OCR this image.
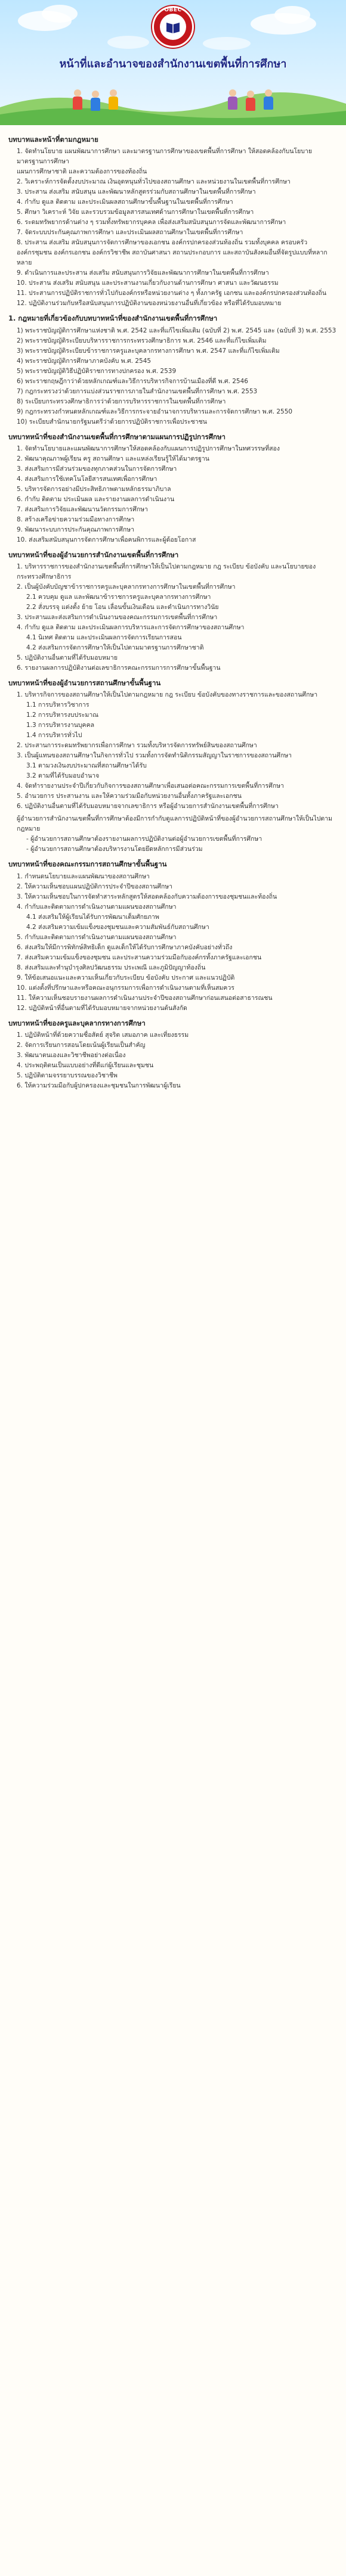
OBEC
หน้าที่และอำนาจของสำนักงานเขตพื้นที่การศึกษา
บทบาทและหน้าที่ตามกฎหมาย
1. จัดทำนโยบาย แผนพัฒนาการศึกษา และมาตรฐานการศึกษาของเขตพื้นที่การศึกษา ให้สอดคล้องกับนโยบาย มาตรฐานการศึกษา
แผนการศึกษาชาติ และความต้องการของท้องถิ่น
2. วิเคราะห์การจัดตั้งงบประมาณ เงินอุดหนุนทั่วไปของสถานศึกษา และหน่วยงานในเขตพื้นที่การศึกษา
3. ประสาน ส่งเสริม สนับสนุน และพัฒนาหลักสูตรร่วมกับสถานศึกษาในเขตพื้นที่การศึกษา
4. กำกับ ดูแล ติดตาม และประเมินผลสถานศึกษาขั้นพื้นฐานในเขตพื้นที่การศึกษา
5. ศึกษา วิเคราะห์ วิจัย และรวบรวมข้อมูลสารสนเทศด้านการศึกษาในเขตพื้นที่การศึกษา
6. ระดมทรัพยากรด้านต่าง ๆ รวมทั้งทรัพยากรบุคคล เพื่อส่งเสริมสนับสนุนการจัดและพัฒนาการศึกษา
7. จัดระบบประกันคุณภาพการศึกษา และประเมินผลสถานศึกษาในเขตพื้นที่การศึกษา
8. ประสาน ส่งเสริม สนับสนุนการจัดการศึกษาของเอกชน องค์กรปกครองส่วนท้องถิ่น รวมทั้งบุคคล ครอบครัว
องค์กรชุมชน องค์กรเอกชน องค์กรวิชาชีพ สถาบันศาสนา สถานประกอบการ และสถาบันสังคมอื่นที่จัดรูปแบบที่หลากหลาย
9. ดำเนินการและประสาน ส่งเสริม สนับสนุนการวิจัยและพัฒนาการศึกษาในเขตพื้นที่การศึกษา
10. ประสาน ส่งเสริม สนับสนุน และประสานงานเกี่ยวกับงานด้านการศึกษา ศาสนา และวัฒนธรรม
11. ประสานการปฏิบัติราชการทั่วไปกับองค์กรหรือหน่วยงานต่าง ๆ ทั้งภาครัฐ เอกชน และองค์กรปกครองส่วนท้องถิ่น
12. ปฏิบัติงานร่วมกับหรือสนับสนุนการปฏิบัติงานของหน่วยงานอื่นที่เกี่ยวข้อง หรือที่ได้รับมอบหมาย
1. กฎหมายที่เกี่ยวข้องกับบทบาทหน้าที่ของสำนักงานเขตพื้นที่การศึกษา
1) พระราชบัญญัติการศึกษาแห่งชาติ พ.ศ. 2542 และที่แก้ไขเพิ่มเติม (ฉบับที่ 2) พ.ศ. 2545 และ (ฉบับที่ 3) พ.ศ. 2553
2) พระราชบัญญัติระเบียบบริหารราชการกระทรวงศึกษาธิการ พ.ศ. 2546 และที่แก้ไขเพิ่มเติม
3) พระราชบัญญัติระเบียบข้าราชการครูและบุคลากรทางการศึกษา พ.ศ. 2547 และที่แก้ไขเพิ่มเติม
4) พระราชบัญญัติการศึกษาภาคบังคับ พ.ศ. 2545
5) พระราชบัญญัติวิธีปฏิบัติราชการทางปกครอง พ.ศ. 2539
6) พระราชกฤษฎีกาว่าด้วยหลักเกณฑ์และวิธีการบริหารกิจการบ้านเมืองที่ดี พ.ศ. 2546
7) กฎกระทรวงว่าด้วยการแบ่งส่วนราชการภายในสำนักงานเขตพื้นที่การศึกษา พ.ศ. 2553
8) ระเบียบกระทรวงศึกษาธิการว่าด้วยการบริหารราชการในเขตพื้นที่การศึกษา
9) กฎกระทรวงกำหนดหลักเกณฑ์และวิธีการกระจายอำนาจการบริหารและการจัดการศึกษา พ.ศ. 2550
10) ระเบียบสำนักนายกรัฐมนตรีว่าด้วยการปฏิบัติราชการเพื่อประชาชน
บทบาทหน้าที่ของสำนักงานเขตพื้นที่การศึกษาตามแผนการปฏิรูปการศึกษา
1. จัดทำนโยบายและแผนพัฒนาการศึกษาให้สอดคล้องกับแผนการปฏิรูปการศึกษาในทศวรรษที่สอง
2. พัฒนาคุณภาพผู้เรียน ครู สถานศึกษา และแหล่งเรียนรู้ให้ได้มาตรฐาน
3. ส่งเสริมการมีส่วนร่วมของทุกภาคส่วนในการจัดการศึกษา
4. ส่งเสริมการใช้เทคโนโลยีสารสนเทศเพื่อการศึกษา
5. บริหารจัดการอย่างมีประสิทธิภาพตามหลักธรรมาภิบาล
6. กำกับ ติดตาม ประเมินผล และรายงานผลการดำเนินงาน
7. ส่งเสริมการวิจัยและพัฒนานวัตกรรมการศึกษา
8. สร้างเครือข่ายความร่วมมือทางการศึกษา
9. พัฒนาระบบการประกันคุณภาพการศึกษา
10. ส่งเสริมสนับสนุนการจัดการศึกษาเพื่อคนพิการและผู้ด้อยโอกาส
บทบาทหน้าที่ของผู้อำนวยการสำนักงานเขตพื้นที่การศึกษา
1. บริหารราชการของสำนักงานเขตพื้นที่การศึกษาให้เป็นไปตามกฎหมาย กฎ ระเบียบ ข้อบังคับ และนโยบายของกระทรวงศึกษาธิการ
2. เป็นผู้บังคับบัญชาข้าราชการครูและบุคลากรทางการศึกษาในเขตพื้นที่การศึกษา
2.1 ควบคุม ดูแล และพัฒนาข้าราชการครูและบุคลากรทางการศึกษา
2.2 สั่งบรรจุ แต่งตั้ง ย้าย โอน เลื่อนขั้นเงินเดือน และดำเนินการทางวินัย
3. ประสานและส่งเสริมการดำเนินงานของคณะกรรมการเขตพื้นที่การศึกษา
4. กำกับ ดูแล ติดตาม และประเมินผลการบริหารและการจัดการศึกษาของสถานศึกษา
4.1 นิเทศ ติดตาม และประเมินผลการจัดการเรียนการสอน
4.2 ส่งเสริมการจัดการศึกษาให้เป็นไปตามมาตรฐานการศึกษาชาติ
5. ปฏิบัติงานอื่นตามที่ได้รับมอบหมาย
6. รายงานผลการปฏิบัติงานต่อเลขาธิการคณะกรรมการการศึกษาขั้นพื้นฐาน
บทบาทหน้าที่ของผู้อำนวยการสถานศึกษาขั้นพื้นฐาน
1. บริหารกิจการของสถานศึกษาให้เป็นไปตามกฎหมาย กฎ ระเบียบ ข้อบังคับของทางราชการและของสถานศึกษา
1.1 การบริหารวิชาการ
1.2 การบริหารงบประมาณ
1.3 การบริหารงานบุคคล
1.4 การบริหารทั่วไป
2. ประสานการระดมทรัพยากรเพื่อการศึกษา รวมทั้งบริหารจัดการทรัพย์สินของสถานศึกษา
3. เป็นผู้แทนของสถานศึกษาในกิจการทั่วไป รวมทั้งการจัดทำนิติกรรมสัญญาในราชการของสถานศึกษา
3.1 ตามวงเงินงบประมาณที่สถานศึกษาได้รับ
3.2 ตามที่ได้รับมอบอำนาจ
4. จัดทำรายงานประจำปีเกี่ยวกับกิจการของสถานศึกษาเพื่อเสนอต่อคณะกรรมการเขตพื้นที่การศึกษา
5. อำนวยการ ประสานงาน และให้ความร่วมมือกับหน่วยงานอื่นทั้งภาครัฐและเอกชน
6. ปฏิบัติงานอื่นตามที่ได้รับมอบหมายจากเลขาธิการ หรือผู้อำนวยการสำนักงานเขตพื้นที่การศึกษา
ผู้อำนวยการสำนักงานเขตพื้นที่การศึกษาต้องมีการกำกับดูแลการปฏิบัติหน้าที่ของผู้อำนวยการสถานศึกษาให้เป็นไปตามกฎหมาย
- ผู้อำนวยการสถานศึกษาต้องรายงานผลการปฏิบัติงานต่อผู้อำนวยการเขตพื้นที่การศึกษา
- ผู้อำนวยการสถานศึกษาต้องบริหารงานโดยยึดหลักการมีส่วนร่วม
บทบาทหน้าที่ของคณะกรรมการสถานศึกษาขั้นพื้นฐาน
1. กำหนดนโยบายและแผนพัฒนาของสถานศึกษา
2. ให้ความเห็นชอบแผนปฏิบัติการประจำปีของสถานศึกษา
3. ให้ความเห็นชอบในการจัดทำสาระหลักสูตรให้สอดคล้องกับความต้องการของชุมชนและท้องถิ่น
4. กำกับและติดตามการดำเนินงานตามแผนของสถานศึกษา
4.1 ส่งเสริมให้ผู้เรียนได้รับการพัฒนาเต็มศักยภาพ
4.2 ส่งเสริมความเข้มแข็งของชุมชนและความสัมพันธ์กับสถานศึกษา
5. กำกับและติดตามการดำเนินงานตามแผนของสถานศึกษา
6. ส่งเสริมให้มีการพิทักษ์สิทธิเด็ก ดูแลเด็กให้ได้รับการศึกษาภาคบังคับอย่างทั่วถึง
7. ส่งเสริมความเข้มแข็งของชุมชน และประสานความร่วมมือกับองค์กรทั้งภาครัฐและเอกชน
8. ส่งเสริมและทำนุบำรุงศิลปวัฒนธรรม ประเพณี และภูมิปัญญาท้องถิ่น
9. ให้ข้อเสนอแนะและความเห็นเกี่ยวกับระเบียบ ข้อบังคับ ประกาศ และแนวปฏิบัติ
10. แต่งตั้งที่ปรึกษาและหรือคณะอนุกรรมการเพื่อการดำเนินงานตามที่เห็นสมควร
11. ให้ความเห็นชอบรายงานผลการดำเนินงานประจำปีของสถานศึกษาก่อนเสนอต่อสาธารณชน
12. ปฏิบัติหน้าที่อื่นตามที่ได้รับมอบหมายจากหน่วยงานต้นสังกัด
บทบาทหน้าที่ของครูและบุคลากรทางการศึกษา
1. ปฏิบัติหน้าที่ด้วยความซื่อสัตย์ สุจริต เสมอภาค และเที่ยงธรรม
2. จัดการเรียนการสอนโดยเน้นผู้เรียนเป็นสำคัญ
3. พัฒนาตนเองและวิชาชีพอย่างต่อเนื่อง
4. ประพฤติตนเป็นแบบอย่างที่ดีแก่ผู้เรียนและชุมชน
5. ปฏิบัติตามจรรยาบรรณของวิชาชีพ
6. ให้ความร่วมมือกับผู้ปกครองและชุมชนในการพัฒนาผู้เรียน
